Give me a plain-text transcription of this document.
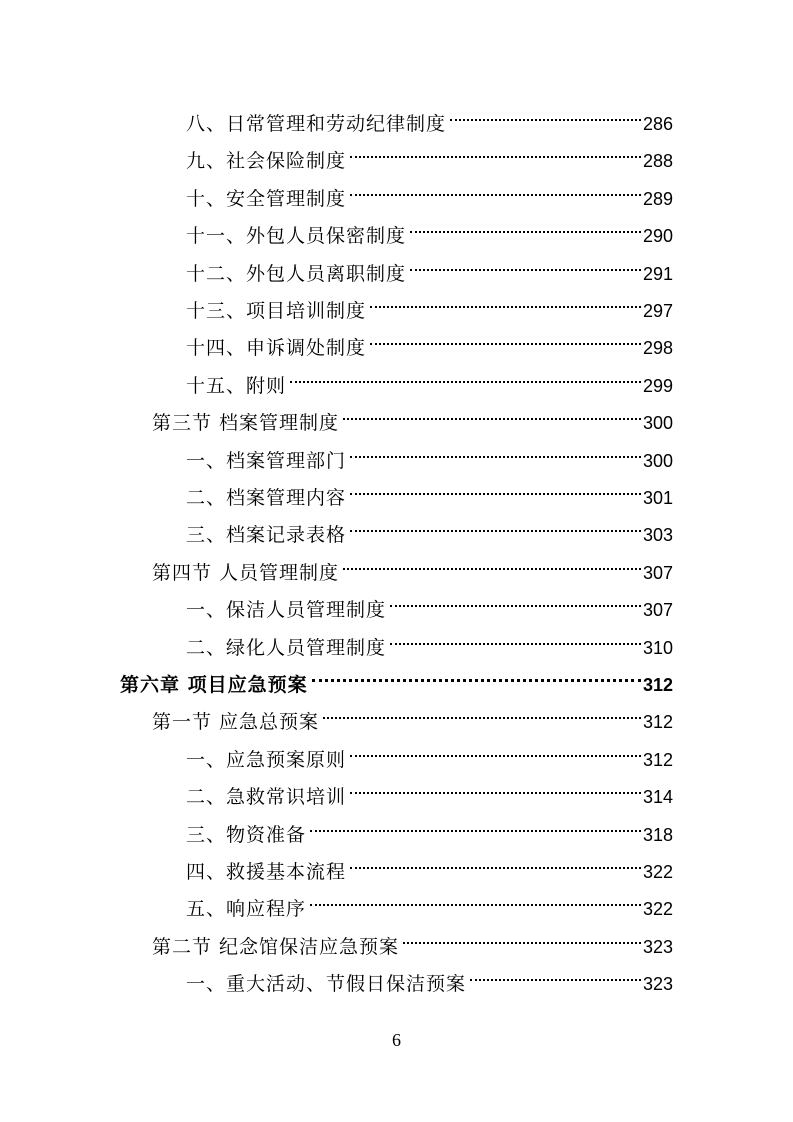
八、日常管理和劳动纪律制度	286
九、社会保险制度	288
十、安全管理制度	289
十一、外包人员保密制度	290
十二、外包人员离职制度	291
十三、项目培训制度	297
十四、申诉调处制度	298
十五、附则	299
第三节 档案管理制度	300
一、档案管理部门	300
二、档案管理内容	301
三、档案记录表格	303
第四节 人员管理制度	307
一、保洁人员管理制度	307
二、绿化人员管理制度	310
第六章 项目应急预案	312
第一节 应急总预案	312
一、应急预案原则	312
二、急救常识培训	314
三、物资准备	318
四、救援基本流程	322
五、响应程序	322
第二节 纪念馆保洁应急预案	323
一、重大活动、节假日保洁预案	323
6
